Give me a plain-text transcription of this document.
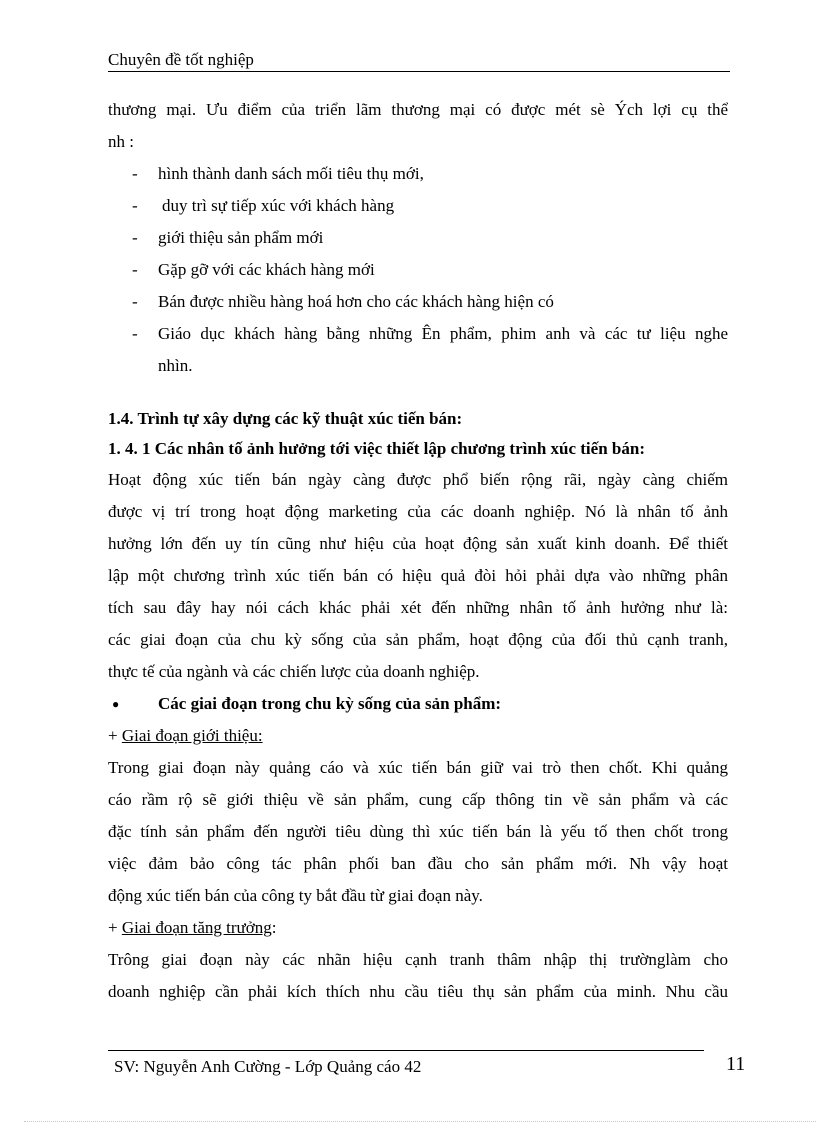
Chuyên đề tốt nghiệp
thương mại. Ưu điểm của triển lãm thương mại có được mét sè Ých lợi cụ thể
nh :
- hình thành danh sách mối tiêu thụ mới,
- duy trì sự tiếp xúc với khách hàng
- giới thiệu sản phẩm mới
- Gặp gỡ với các khách hàng mới
- Bán được nhiều hàng hoá hơn cho các khách hàng hiện có
- Giáo dục khách hàng bằng những Ên phẩm, phim anh và các tư liệu nghe
nhìn.
1.4. Trình tự xây dựng các kỹ thuật xúc tiến bán:
1. 4. 1 Các nhân tố ảnh hưởng tới việc thiết lập chương trình xúc tiến bán:
Hoạt động xúc tiến bán ngày càng được phổ biến rộng rãi, ngày càng chiếm
được vị trí trong hoạt động marketing của các doanh nghiệp. Nó là nhân tố ảnh
hưởng lớn đến uy tín cũng như hiệu của hoạt động sản xuất kinh doanh. Để thiết
lập một chương trình xúc tiến bán có hiệu quả đòi hỏi phải dựa vào những phân
tích sau đây hay nói cách khác phải xét đến những nhân tố ảnh hưởng như là:
các giai đoạn của chu kỳ sống của sản phẩm, hoạt động của đối thủ cạnh tranh,
thực tế của ngành và các chiến lược của doanh nghiệp.
● Các giai đoạn trong chu kỳ sống của sản phẩm:
+ Giai đoạn giới thiệu:
Trong giai đoạn này quảng cáo và xúc tiến bán giữ vai trò then chốt. Khi quảng
cáo rầm rộ sẽ giới thiệu về sản phẩm, cung cấp thông tin về sản phẩm và các
đặc tính sản phẩm đến người tiêu dùng thì xúc tiến bán là yếu tố then chốt trong
việc đảm bảo công tác phân phối ban đầu cho sản phẩm mới. Nh vậy hoạt
động xúc tiến bán của công ty bắt đầu từ giai đoạn này.
+ Giai đoạn tăng trưởng:
Trông giai đoạn này các nhãn hiệu cạnh tranh thâm nhập thị trườnglàm cho
doanh nghiệp cần phải kích thích nhu cầu tiêu thụ sản phẩm của minh. Nhu cầu
SV: Nguyễn Anh Cường - Lớp Quảng cáo 42	11
